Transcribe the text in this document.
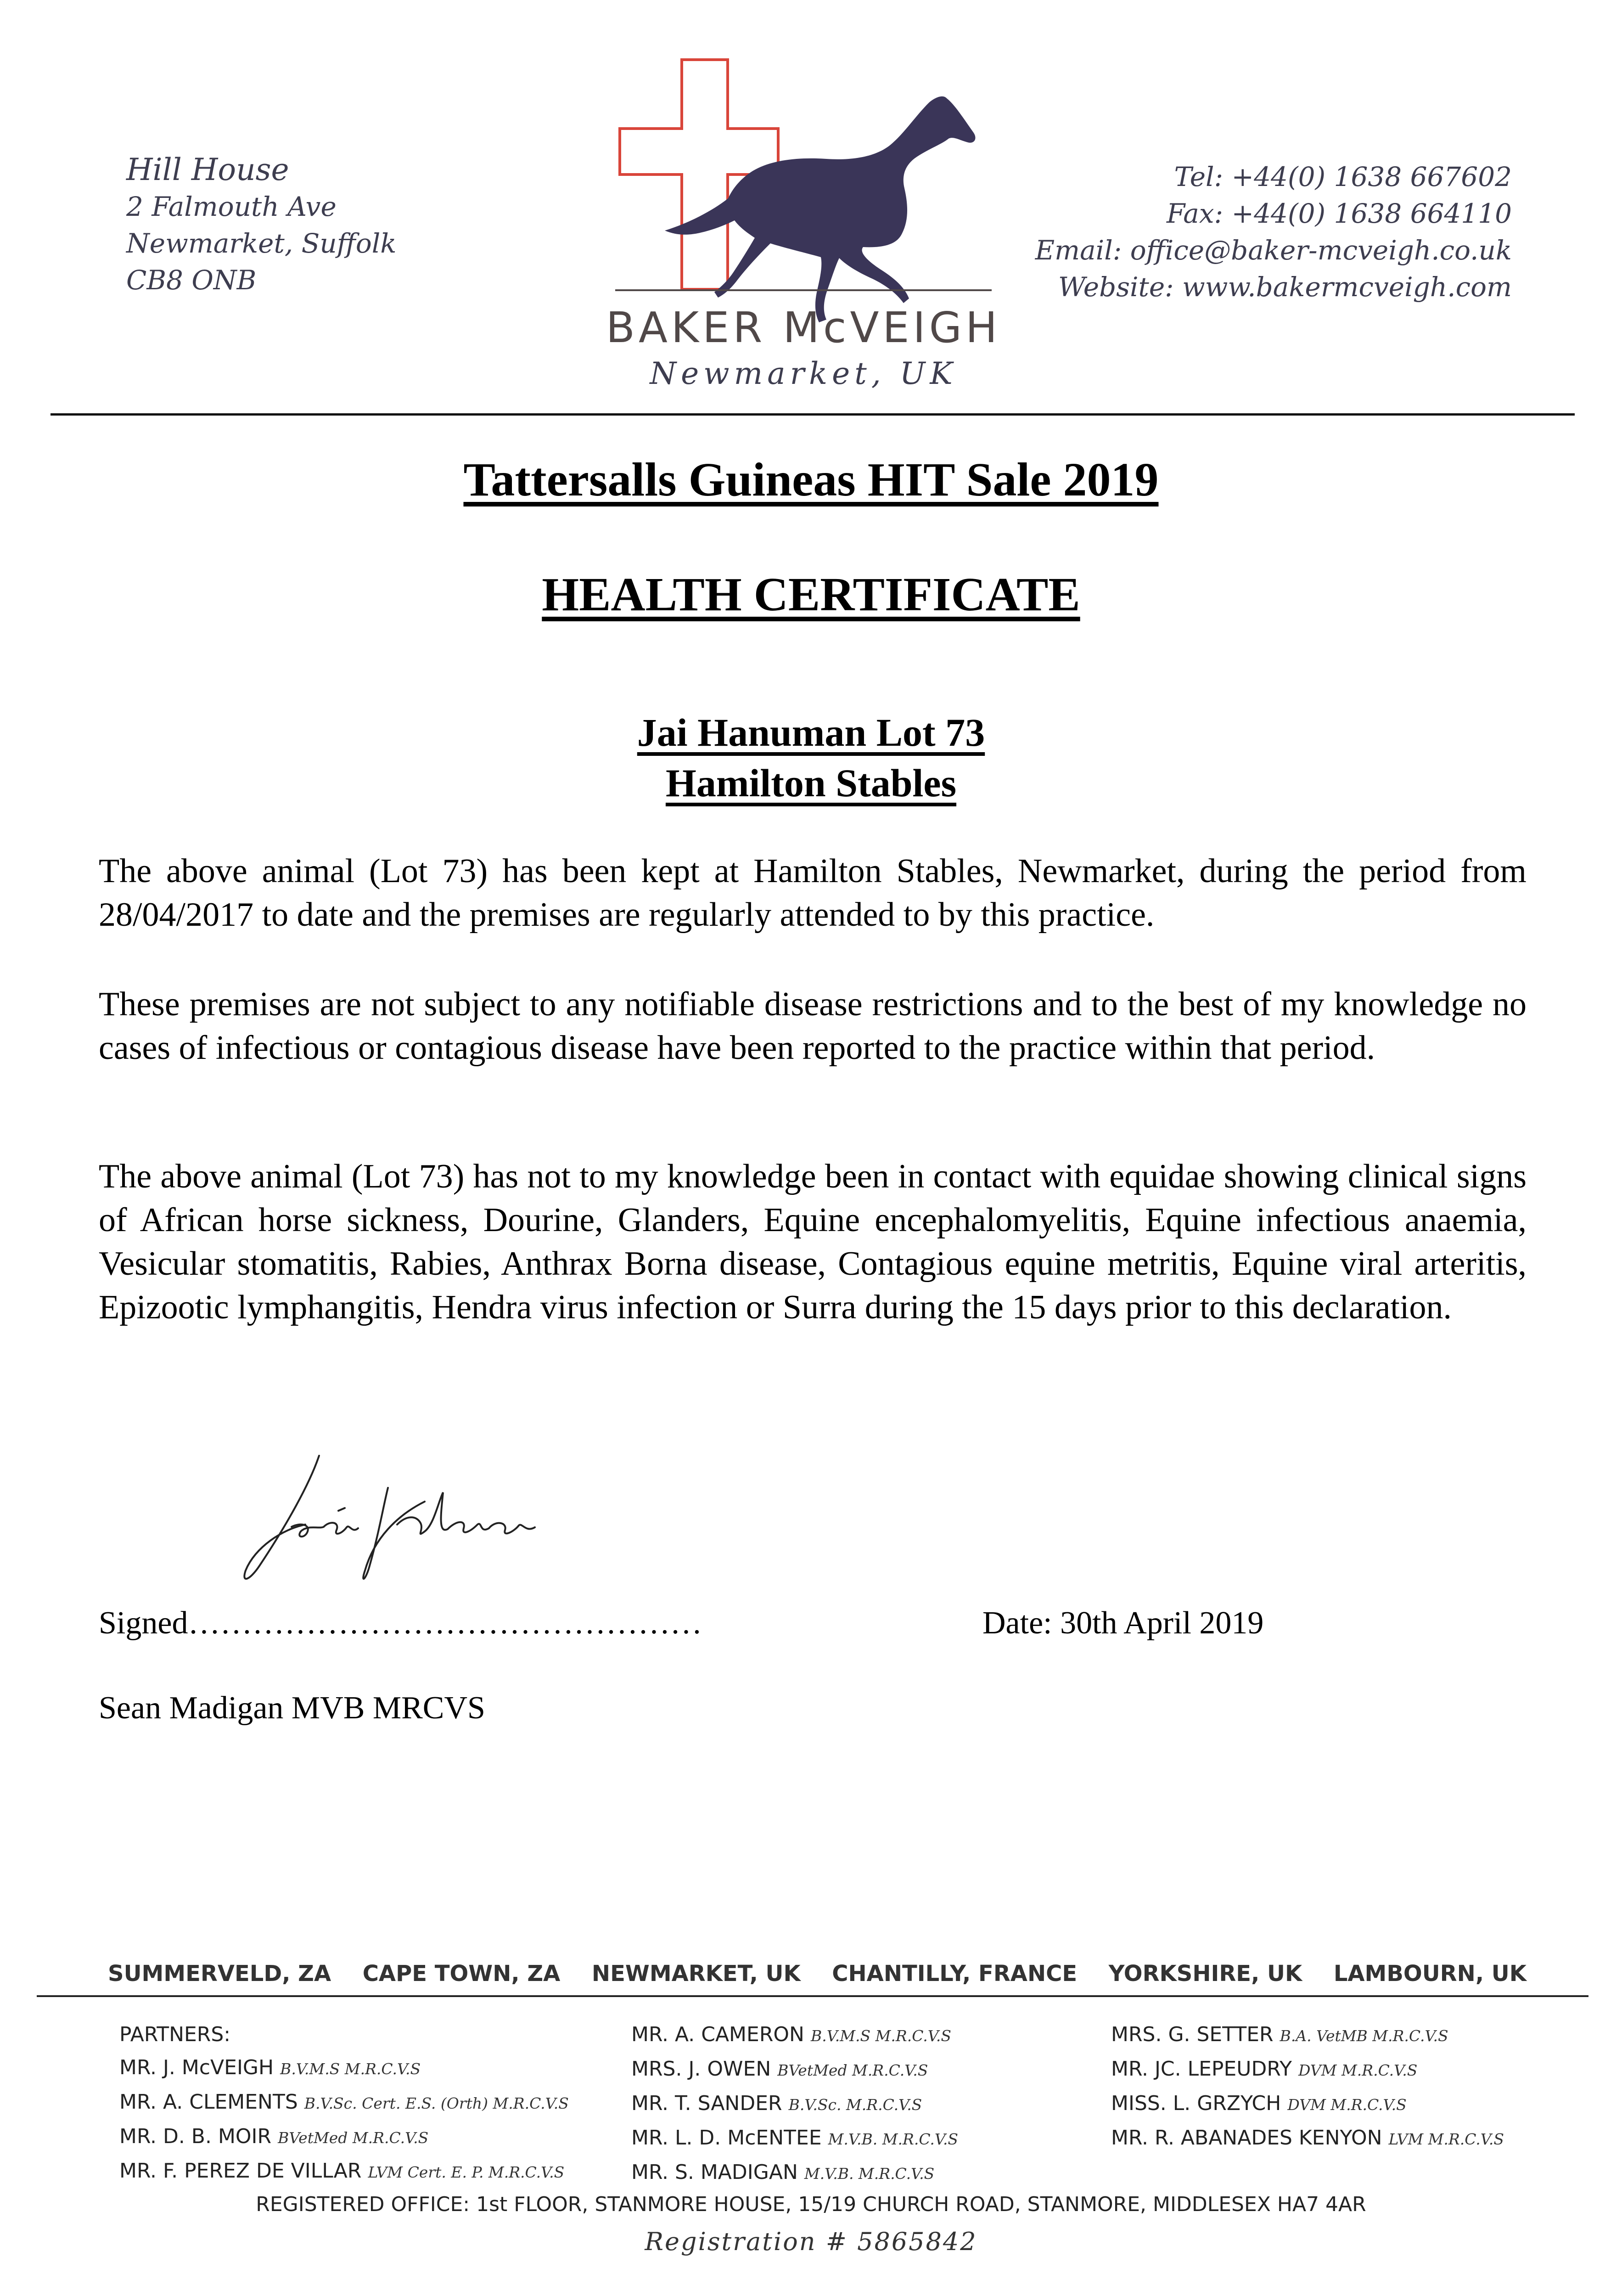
Hill House
2 Falmouth Ave
Newmarket, Suffolk
CB8 ONB
Tel: +44(0) 1638 667602
Fax: +44(0) 1638 664110
Email: office@baker-mcveigh.co.uk
Website: www.bakermcveigh.com
BAKER McVEIGH
Newmarket, UK
Tattersalls Guineas HIT Sale 2019
HEALTH CERTIFICATE
Jai Hanuman Lot 73
Hamilton Stables
The above animal (Lot 73) has been kept at Hamilton Stables, Newmarket, during the period from 28/04/2017 to date and the premises are regularly attended to by this practice.
These premises are not subject to any notifiable disease restrictions and to the best of my knowledge no cases of infectious or contagious disease have been reported to the practice within that period.
The above animal (Lot 73) has not to my knowledge been in contact with equidae showing clinical signs of African horse sickness, Dourine, Glanders, Equine encephalomyelitis, Equine infectious anaemia, Vesicular stomatitis, Rabies, Anthrax Borna disease, Contagious equine metritis, Equine viral arteritis, Epizootic lymphangitis, Hendra virus infection or Surra during the 15 days prior to this declaration.
Signed…………………………………………	Date: 30th April 2019
Sean Madigan MVB MRCVS
SUMMERVELD, ZA CAPE TOWN, ZA NEWMARKET, UK CHANTILLY, FRANCE YORKSHIRE, UK LAMBOURN, UK
PARTNERS:
MR. J. McVEIGH B.V.M.S M.R.C.V.S
MR. A. CLEMENTS B.V.Sc. Cert. E.S. (Orth) M.R.C.V.S
MR. D. B. MOIR BVetMed M.R.C.V.S
MR. F. PEREZ DE VILLAR LVM Cert. E. P. M.R.C.V.S
MR. A. CAMERON B.V.M.S M.R.C.V.S
MRS. J. OWEN BVetMed M.R.C.V.S
MR. T. SANDER B.V.Sc. M.R.C.V.S
MR. L. D. McENTEE M.V.B. M.R.C.V.S
MR. S. MADIGAN M.V.B. M.R.C.V.S
MRS. G. SETTER B.A. VetMB M.R.C.V.S
MR. JC. LEPEUDRY DVM M.R.C.V.S
MISS. L. GRZYCH DVM M.R.C.V.S
MR. R. ABANADES KENYON LVM M.R.C.V.S
REGISTERED OFFICE: 1st FLOOR, STANMORE HOUSE, 15/19 CHURCH ROAD, STANMORE, MIDDLESEX HA7 4AR
Registration # 5865842
